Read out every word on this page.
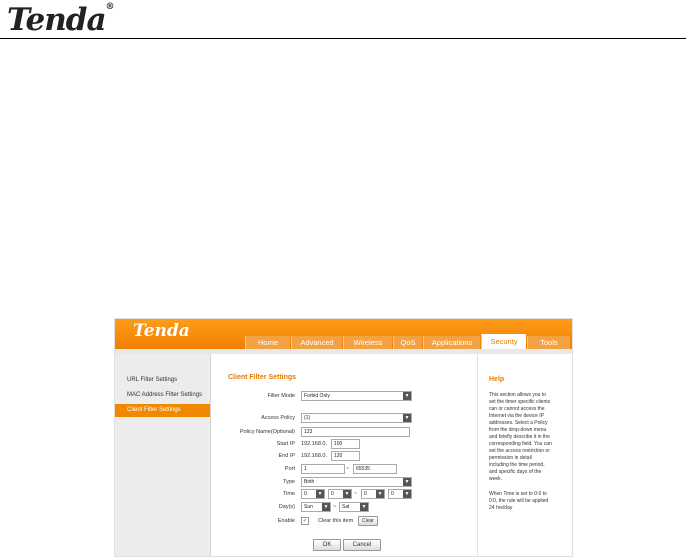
Tenda®
Tenda
Home	Advanced	Wireless	QoS	Applications	Security	Tools
URL Filter Settings
MAC Address Filter Settings
Client Filter Settings
Client Filter Settings
Filter Mode	Forbid Only	▼
Access Policy	(1)	▼
Policy Name(Optional)	123
Start IP 192.168.0.	100
End IP 192.168.0.	120
Port	1	~	65535
Type	Both	▼
Time	0	▼	0	▼ ~	0	▼	0	▼
Day(s)	Sun	▼ ~	Sat	▼
Enable	✓	Clear this item	Clear
OK	Cancel
Help
This section allows you to
set the timer specific clients
can or cannot access the
Internet via the device IP
addresses. Select a Policy
from the drop-down menu
and briefly describe it in the
corresponding field. You can
set the access restriction or
permission in detail
including the time period,
and specific days of the
week.
When Time is set to 0:0 to
0:0, the rule will be applied
24 hrs/day
